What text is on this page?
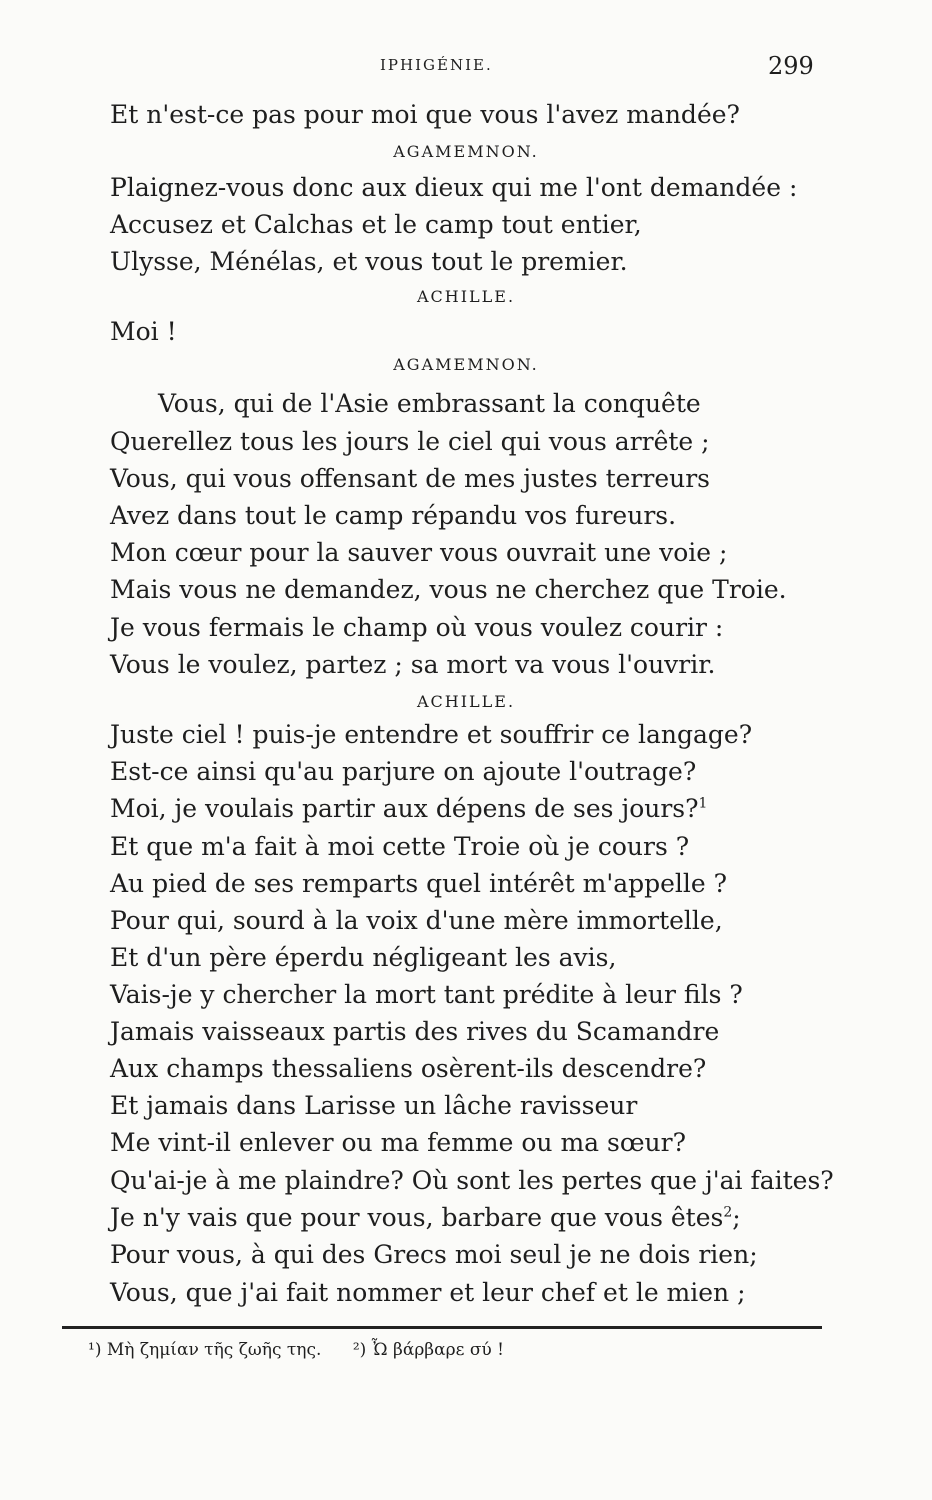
IPHIGÉNIE.	299
Et n'est-ce pas pour moi que vous l'avez mandée?
AGAMEMNON.
Plaignez-vous donc aux dieux qui me l'ont demandée :
Accusez et Calchas et le camp tout entier,
Ulysse, Ménélas, et vous tout le premier.
ACHILLE.
Moi !
AGAMEMNON.
Vous, qui de l'Asie embrassant la conquête
Querellez tous les jours le ciel qui vous arrête ;
Vous, qui vous offensant de mes justes terreurs
Avez dans tout le camp répandu vos fureurs.
Mon cœur pour la sauver vous ouvrait une voie ;
Mais vous ne demandez, vous ne cherchez que Troie.
Je vous fermais le champ où vous voulez courir :
Vous le voulez, partez ; sa mort va vous l'ouvrir.
ACHILLE.
Juste ciel ! puis-je entendre et souffrir ce langage?
Est-ce ainsi qu'au parjure on ajoute l'outrage?
Moi, je voulais partir aux dépens de ses jours?$^1$
Et que m'a fait à moi cette Troie où je cours ?
Au pied de ses remparts quel intérêt m'appelle ?
Pour qui, sourd à la voix d'une mère immortelle,
Et d'un père éperdu négligeant les avis,
Vais-je y chercher la mort tant prédite à leur fils ?
Jamais vaisseaux partis des rives du Scamandre
Aux champs thessaliens osèrent-ils descendre?
Et jamais dans Larisse un lâche ravisseur
Me vint-il enlever ou ma femme ou ma sœur?
Qu'ai-je à me plaindre? Où sont les pertes que j'ai faites?
Je n'y vais que pour vous, barbare que vous êtes$^2$;
Pour vous, à qui des Grecs moi seul je ne dois rien;
Vous, que j'ai fait nommer et leur chef et le mien ;
¹) Μὴ ζημίαν τῆς ζωῆς της. ²) Ὦ βάρβαρε σύ !
